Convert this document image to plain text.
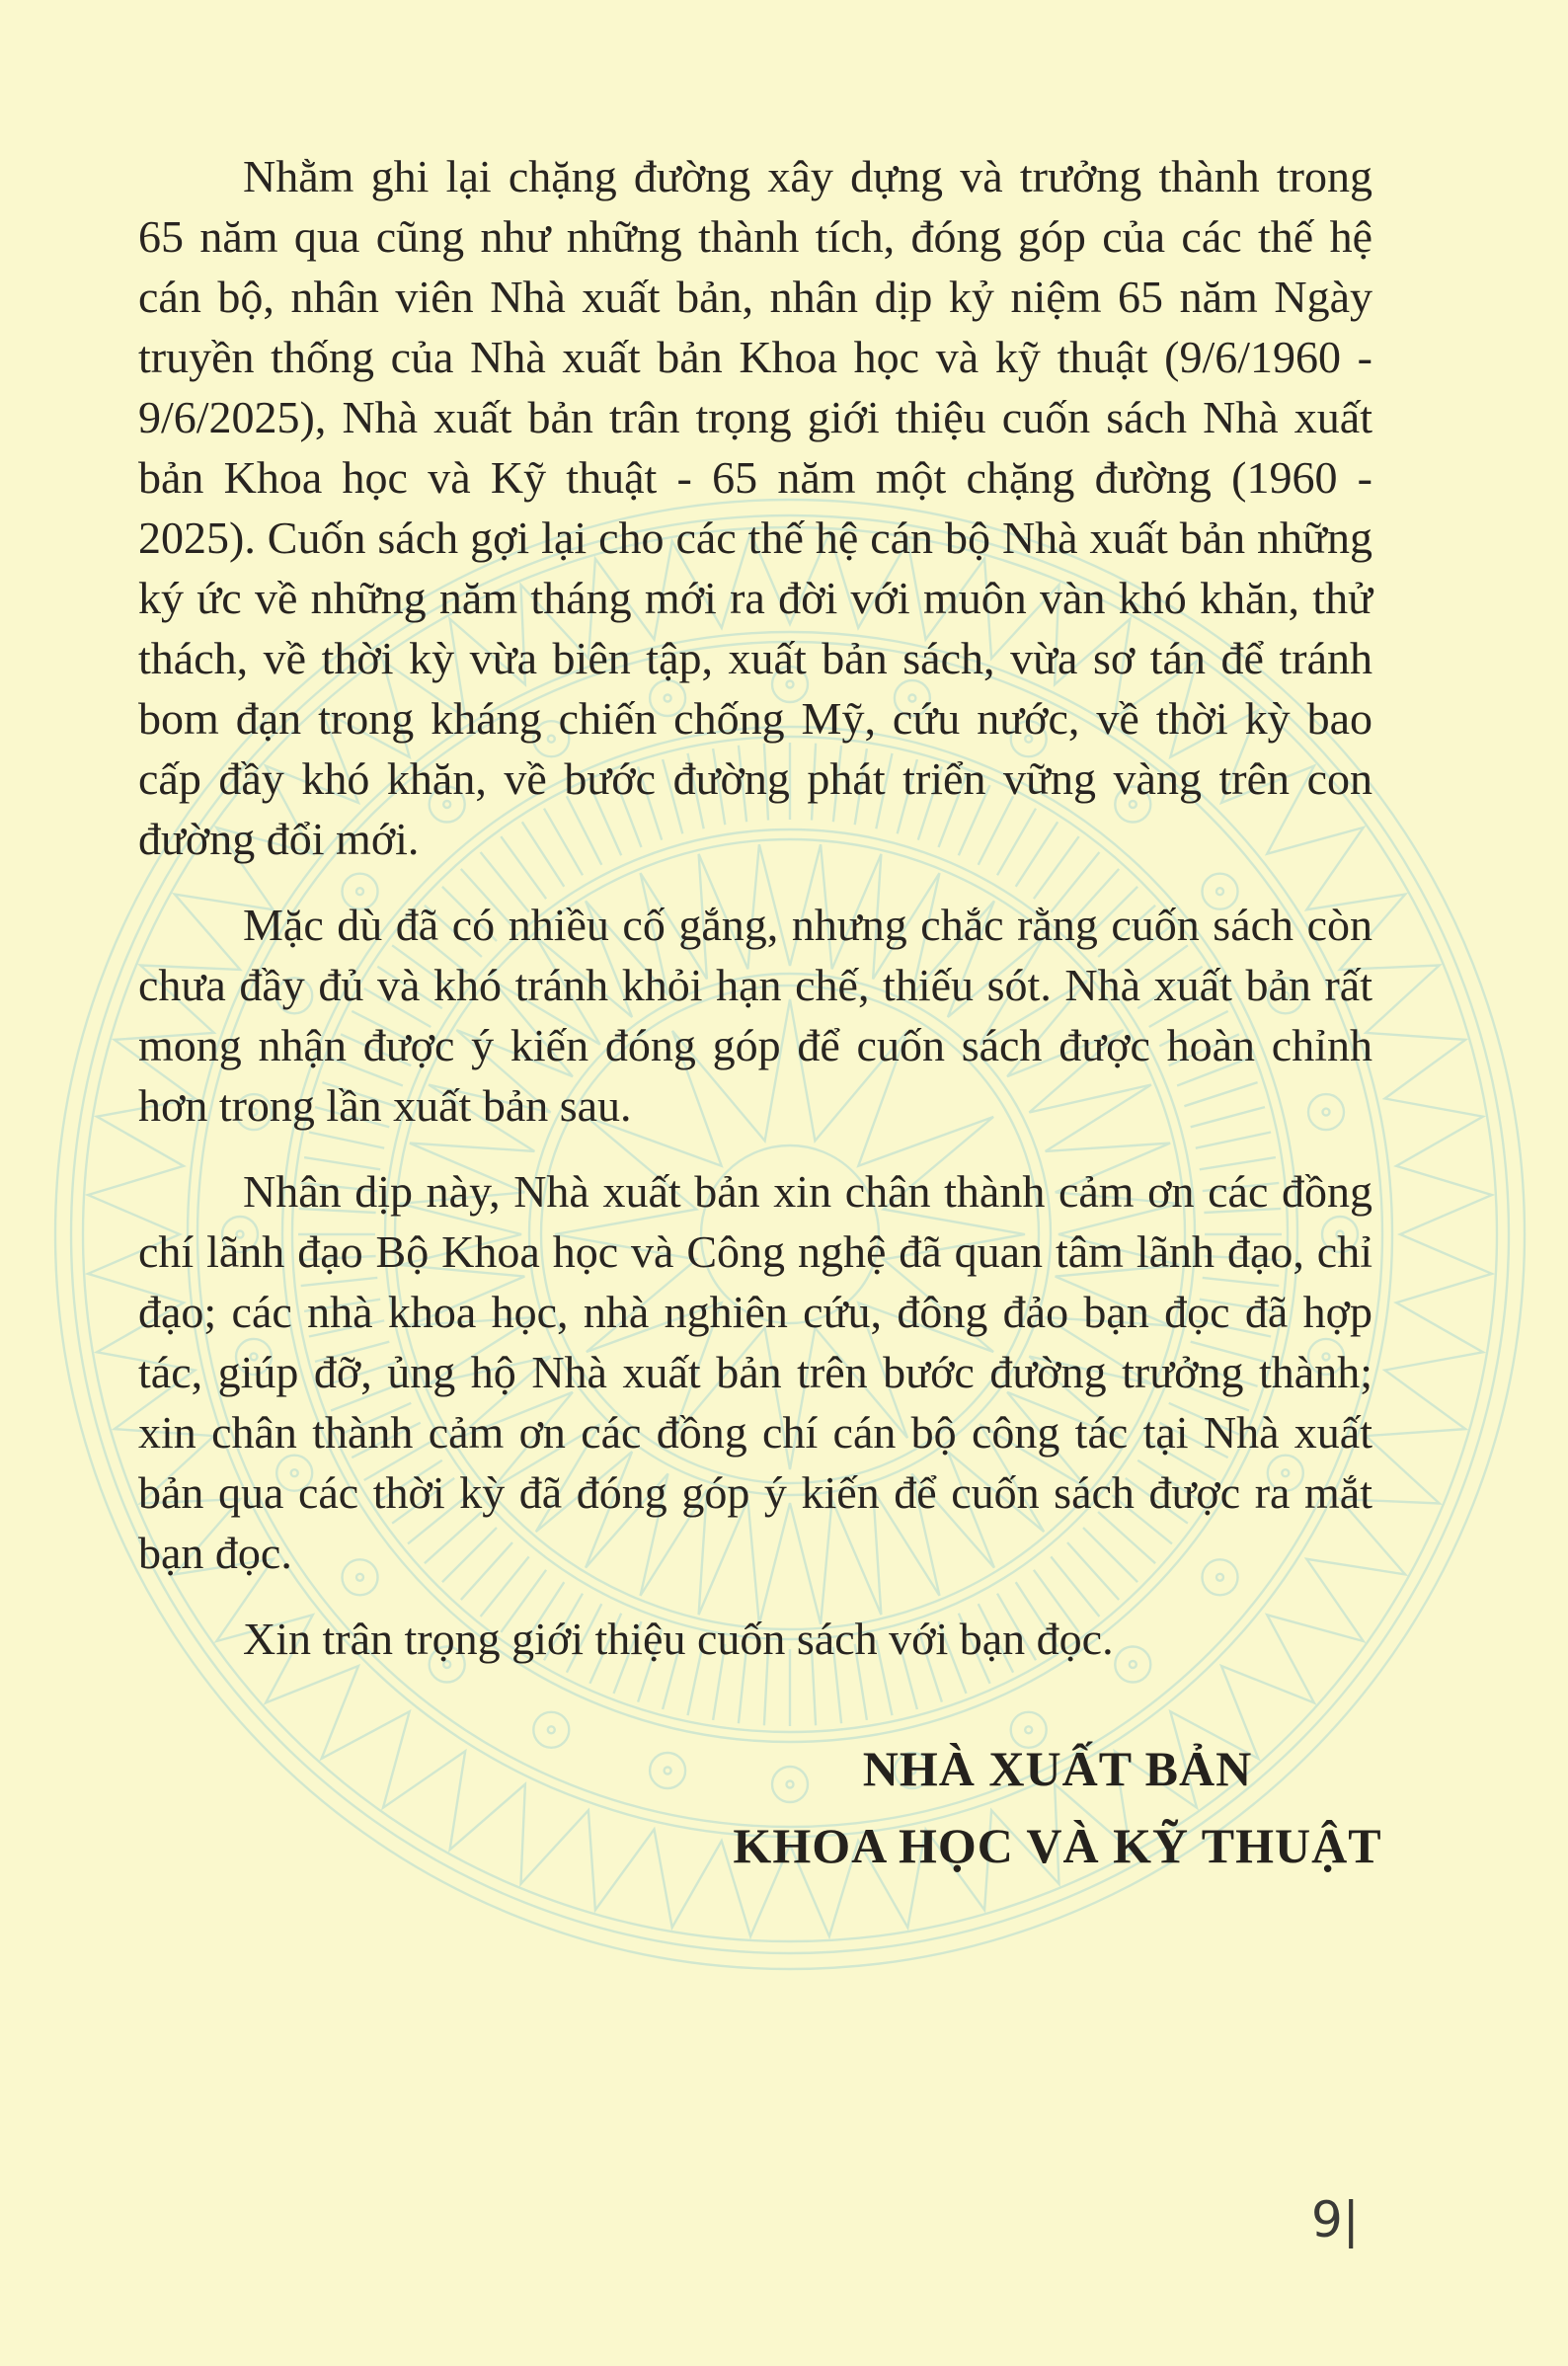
Nhằm ghi lại chặng đường xây dựng và trưởng thành trong 65 năm qua cũng như những thành tích, đóng góp của các thế hệ cán bộ, nhân viên Nhà xuất bản, nhân dịp kỷ niệm 65 năm Ngày truyền thống của Nhà xuất bản Khoa học và kỹ thuật (9/6/1960 - 9/6/2025), Nhà xuất bản trân trọng giới thiệu cuốn sách Nhà xuất bản Khoa học và Kỹ thuật - 65 năm một chặng đường (1960 - 2025). Cuốn sách gợi lại cho các thế hệ cán bộ Nhà xuất bản những ký ức về những năm tháng mới ra đời với muôn vàn khó khăn, thử thách, về thời kỳ vừa biên tập, xuất bản sách, vừa sơ tán để tránh bom đạn trong kháng chiến chống Mỹ, cứu nước, về thời kỳ bao cấp đầy khó khăn, về bước đường phát triển vững vàng trên con đường đổi mới.

Mặc dù đã có nhiều cố gắng, nhưng chắc rằng cuốn sách còn chưa đầy đủ và khó tránh khỏi hạn chế, thiếu sót. Nhà xuất bản rất mong nhận được ý kiến đóng góp để cuốn sách được hoàn chỉnh hơn trong lần xuất bản sau.

Nhân dịp này, Nhà xuất bản xin chân thành cảm ơn các đồng chí lãnh đạo Bộ Khoa học và Công nghệ đã quan tâm lãnh đạo, chỉ đạo; các nhà khoa học, nhà nghiên cứu, đông đảo bạn đọc đã hợp tác, giúp đỡ, ủng hộ Nhà xuất bản trên bước đường trưởng thành; xin chân thành cảm ơn các đồng chí cán bộ công tác tại Nhà xuất bản qua các thời kỳ đã đóng góp ý kiến để cuốn sách được ra mắt bạn đọc.

Xin trân trọng giới thiệu cuốn sách với bạn đọc.

NHÀ XUẤT BẢN
KHOA HỌC VÀ KỸ THUẬT
9|
